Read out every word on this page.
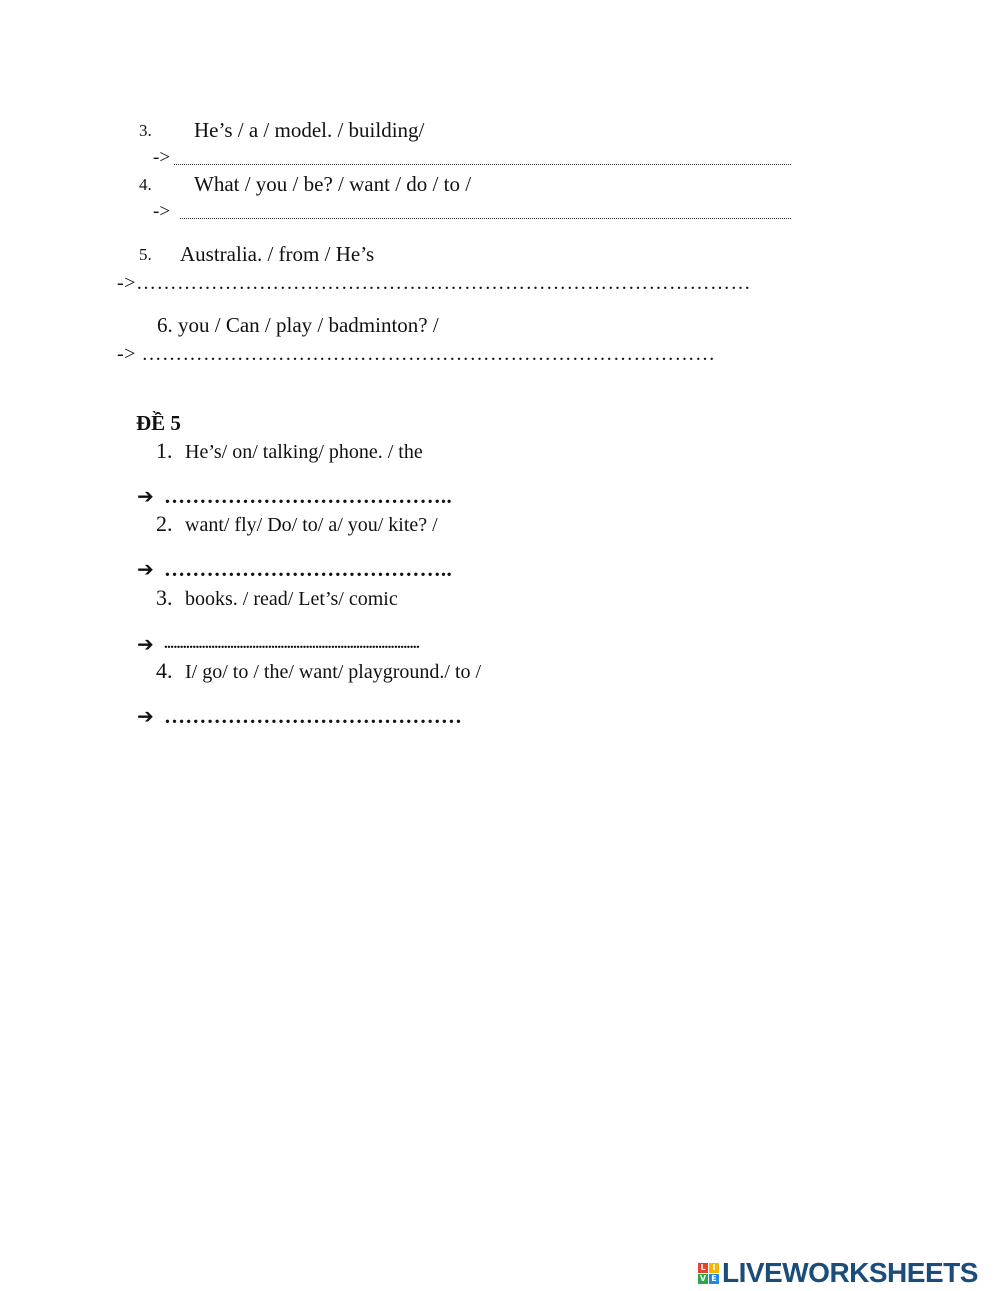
3. He’s / a / model. / building/
->
4. What / you / be? / want / do / to /
->
5. Australia. / from / He’s
->………………………………………………………………………………
6. you / Can / play / badminton? /
-> …………………………………………………………………………
ĐỀ 5
1. He’s/ on/ talking/ phone. / the
➔ …………………………………..
2. want/ fly/ Do/ to/ a/ you/ kite? /
➔ …………………………………..
3. books. / read/ Let’s/ comic
➔ .................................................................................
4. I/ go/ to / the/ want/ playground./ to /
➔ ……………………………………
L I
V E LIVEWORKSHEETS
